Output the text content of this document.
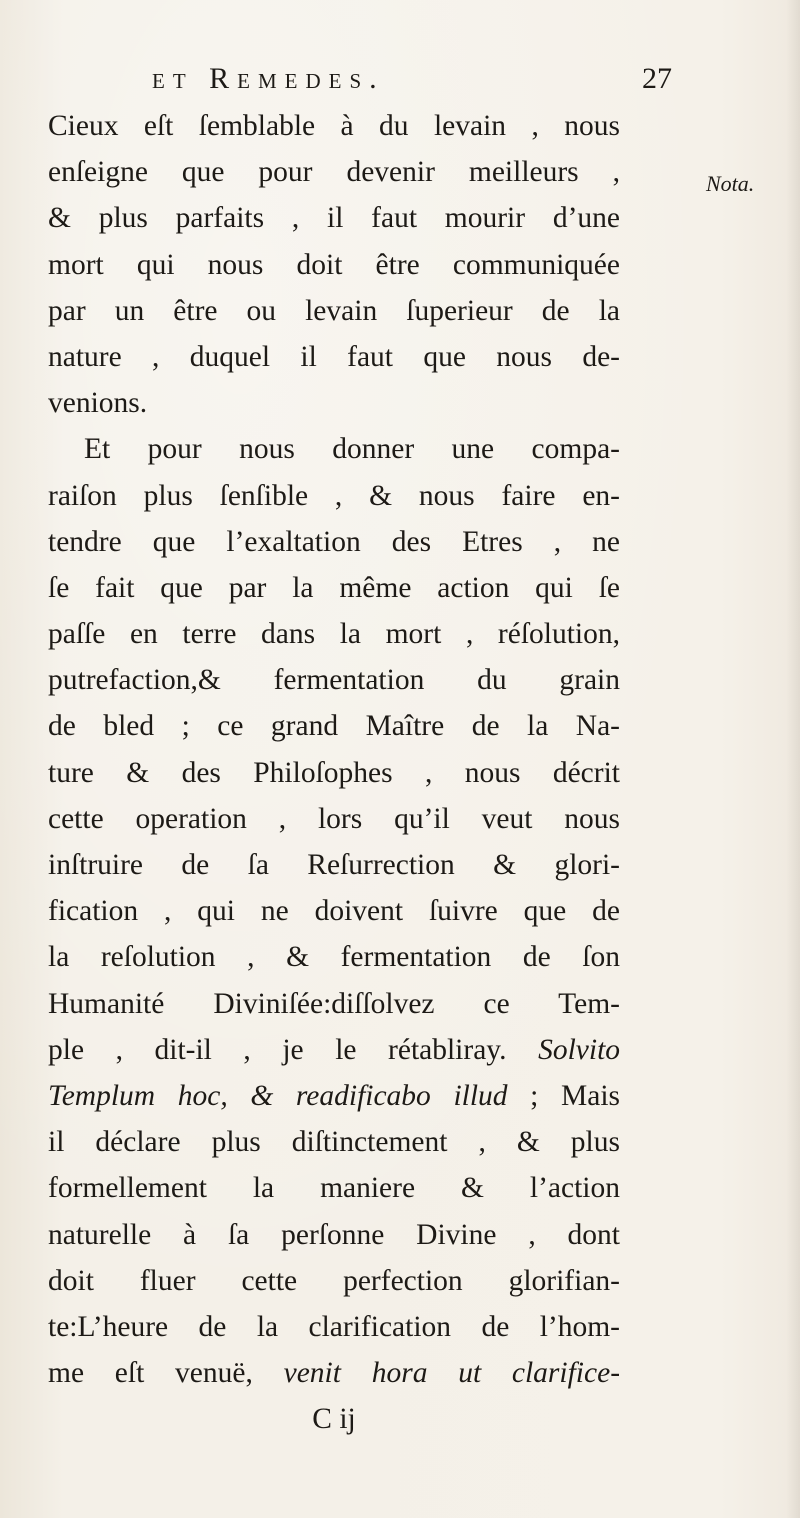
et Remedes.	27
Nota.
Cieux eſt ſemblable à du levain , nous
enſeigne que pour devenir meilleurs ,
& plus parfaits , il faut mourir d’une
mort qui nous doit être communiquée
par un être ou levain ſuperieur de la
nature , duquel il faut que nous de-
venions.
Et pour nous donner une compa-
raiſon plus ſenſible , & nous faire en-
tendre que l’exaltation des Etres , ne
ſe fait que par la même action qui ſe
paſſe en terre dans la mort , réſolution,
putrefaction,& fermentation du grain
de bled ; ce grand Maître de la Na-
ture & des Philoſophes , nous décrit
cette operation , lors qu’il veut nous
inſtruire de ſa Reſurrection & glori-
fication , qui ne doivent ſuivre que de
la reſolution , & fermentation de ſon
Humanité Diviniſée:diſſolvez ce Tem-
ple , dit-il , je le rétabliray. Solvito
Templum hoc, & readificabo illud ; Mais
il déclare plus diſtinctement , & plus
formellement la maniere & l’action
naturelle à ſa perſonne Divine , dont
doit fluer cette perfection glorifian-
te:L’heure de la clarification de l’hom-
me eſt venuë, venit hora ut clarifice-
C ij
